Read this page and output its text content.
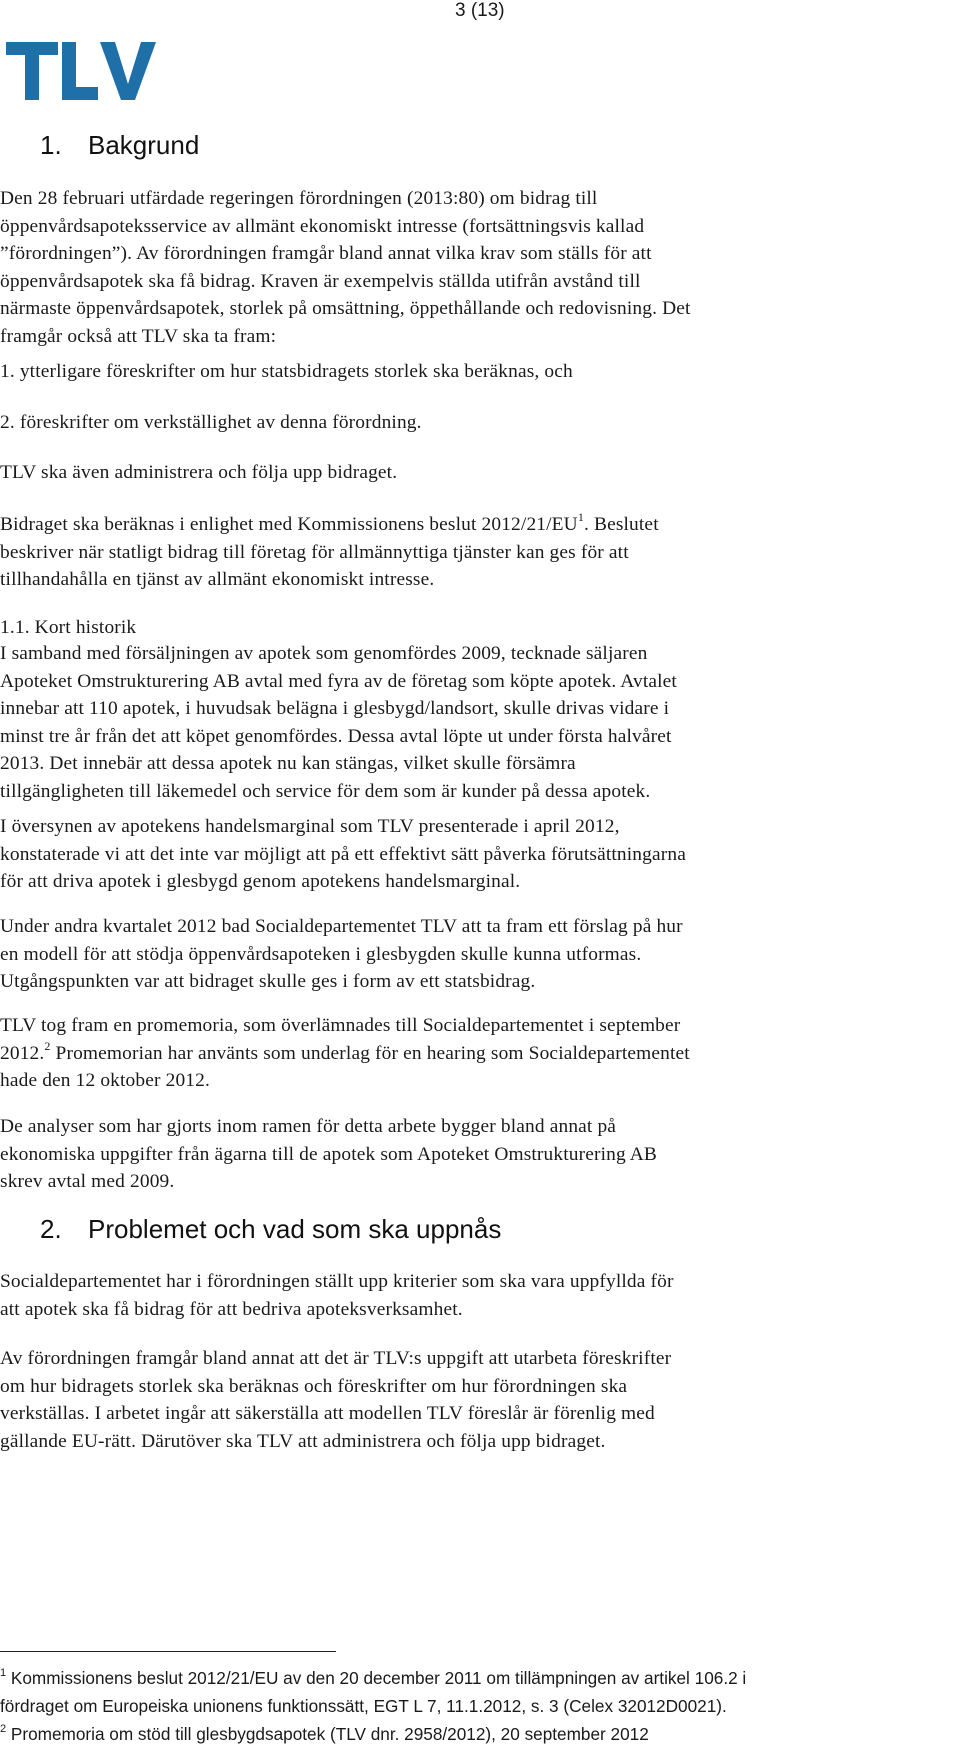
3 (13)
1. Bakgrund

Den 28 februari utfärdade regeringen förordningen (2013:80) om bidrag till
öppenvårdsapoteksservice av allmänt ekonomiskt intresse (fortsättningsvis kallad
”förordningen”). Av förordningen framgår bland annat vilka krav som ställs för att
öppenvårdsapotek ska få bidrag. Kraven är exempelvis ställda utifrån avstånd till
närmaste öppenvårdsapotek, storlek på omsättning, öppethållande och redovisning. Det
framgår också att TLV ska ta fram:

1. ytterligare föreskrifter om hur statsbidragets storlek ska beräknas, och

2. föreskrifter om verkställighet av denna förordning.

TLV ska även administrera och följa upp bidraget.

Bidraget ska beräknas i enlighet med Kommissionens beslut $2012/21/EU^1$. Beslutet
beskriver när statligt bidrag till företag för allmännyttiga tjänster kan ges för att
tillhandahålla en tjänst av allmänt ekonomiskt intresse.

1.1. Kort historik

I samband med försäljningen av apotek som genomfördes 2009, tecknade säljaren
Apoteket Omstrukturering AB avtal med fyra av de företag som köpte apotek. Avtalet
innebar att 110 apotek, i huvudsak belägna i glesbygd/landsort, skulle drivas vidare i
minst tre år från det att köpet genomfördes. Dessa avtal löpte ut under första halvåret
2013. Det innebär att dessa apotek nu kan stängas, vilket skulle försämra
tillgängligheten till läkemedel och service för dem som är kunder på dessa apotek.

I översynen av apotekens handelsmarginal som TLV presenterade i april 2012,
konstaterade vi att det inte var möjligt att på ett effektivt sätt påverka förutsättningarna
för att driva apotek i glesbygd genom apotekens handelsmarginal.

Under andra kvartalet 2012 bad Socialdepartementet TLV att ta fram ett förslag på hur
en modell för att stödja öppenvårdsapoteken i glesbygden skulle kunna utformas.
Utgångspunkten var att bidraget skulle ges i form av ett statsbidrag.

TLV tog fram en promemoria, som överlämnades till Socialdepartementet i september
2012.$^2$ Promemorian har använts som underlag för en hearing som Socialdepartementet
hade den 12 oktober 2012.

De analyser som har gjorts inom ramen för detta arbete bygger bland annat på
ekonomiska uppgifter från ägarna till de apotek som Apoteket Omstrukturering AB
skrev avtal med 2009.

2. Problemet och vad som ska uppnås

Socialdepartementet har i förordningen ställt upp kriterier som ska vara uppfyllda för
att apotek ska få bidrag för att bedriva apoteksverksamhet.

Av förordningen framgår bland annat att det är TLV:s uppgift att utarbeta föreskrifter
om hur bidragets storlek ska beräknas och föreskrifter om hur förordningen ska
verkställas. I arbetet ingår att säkerställa att modellen TLV föreslår är förenlig med
gällande EU-rätt. Därutöver ska TLV att administrera och följa upp bidraget.

$^1$ Kommissionens beslut 2012/21/EU av den 20 december 2011 om tillämpningen av artikel 106.2 i
fördraget om Europeiska unionens funktionssätt, EGT L 7, 11.1.2012, s. 3 (Celex 32012D0021).

$^2$ Promemoria om stöd till glesbygdsapotek (TLV dnr. 2958/2012), 20 september 2012
